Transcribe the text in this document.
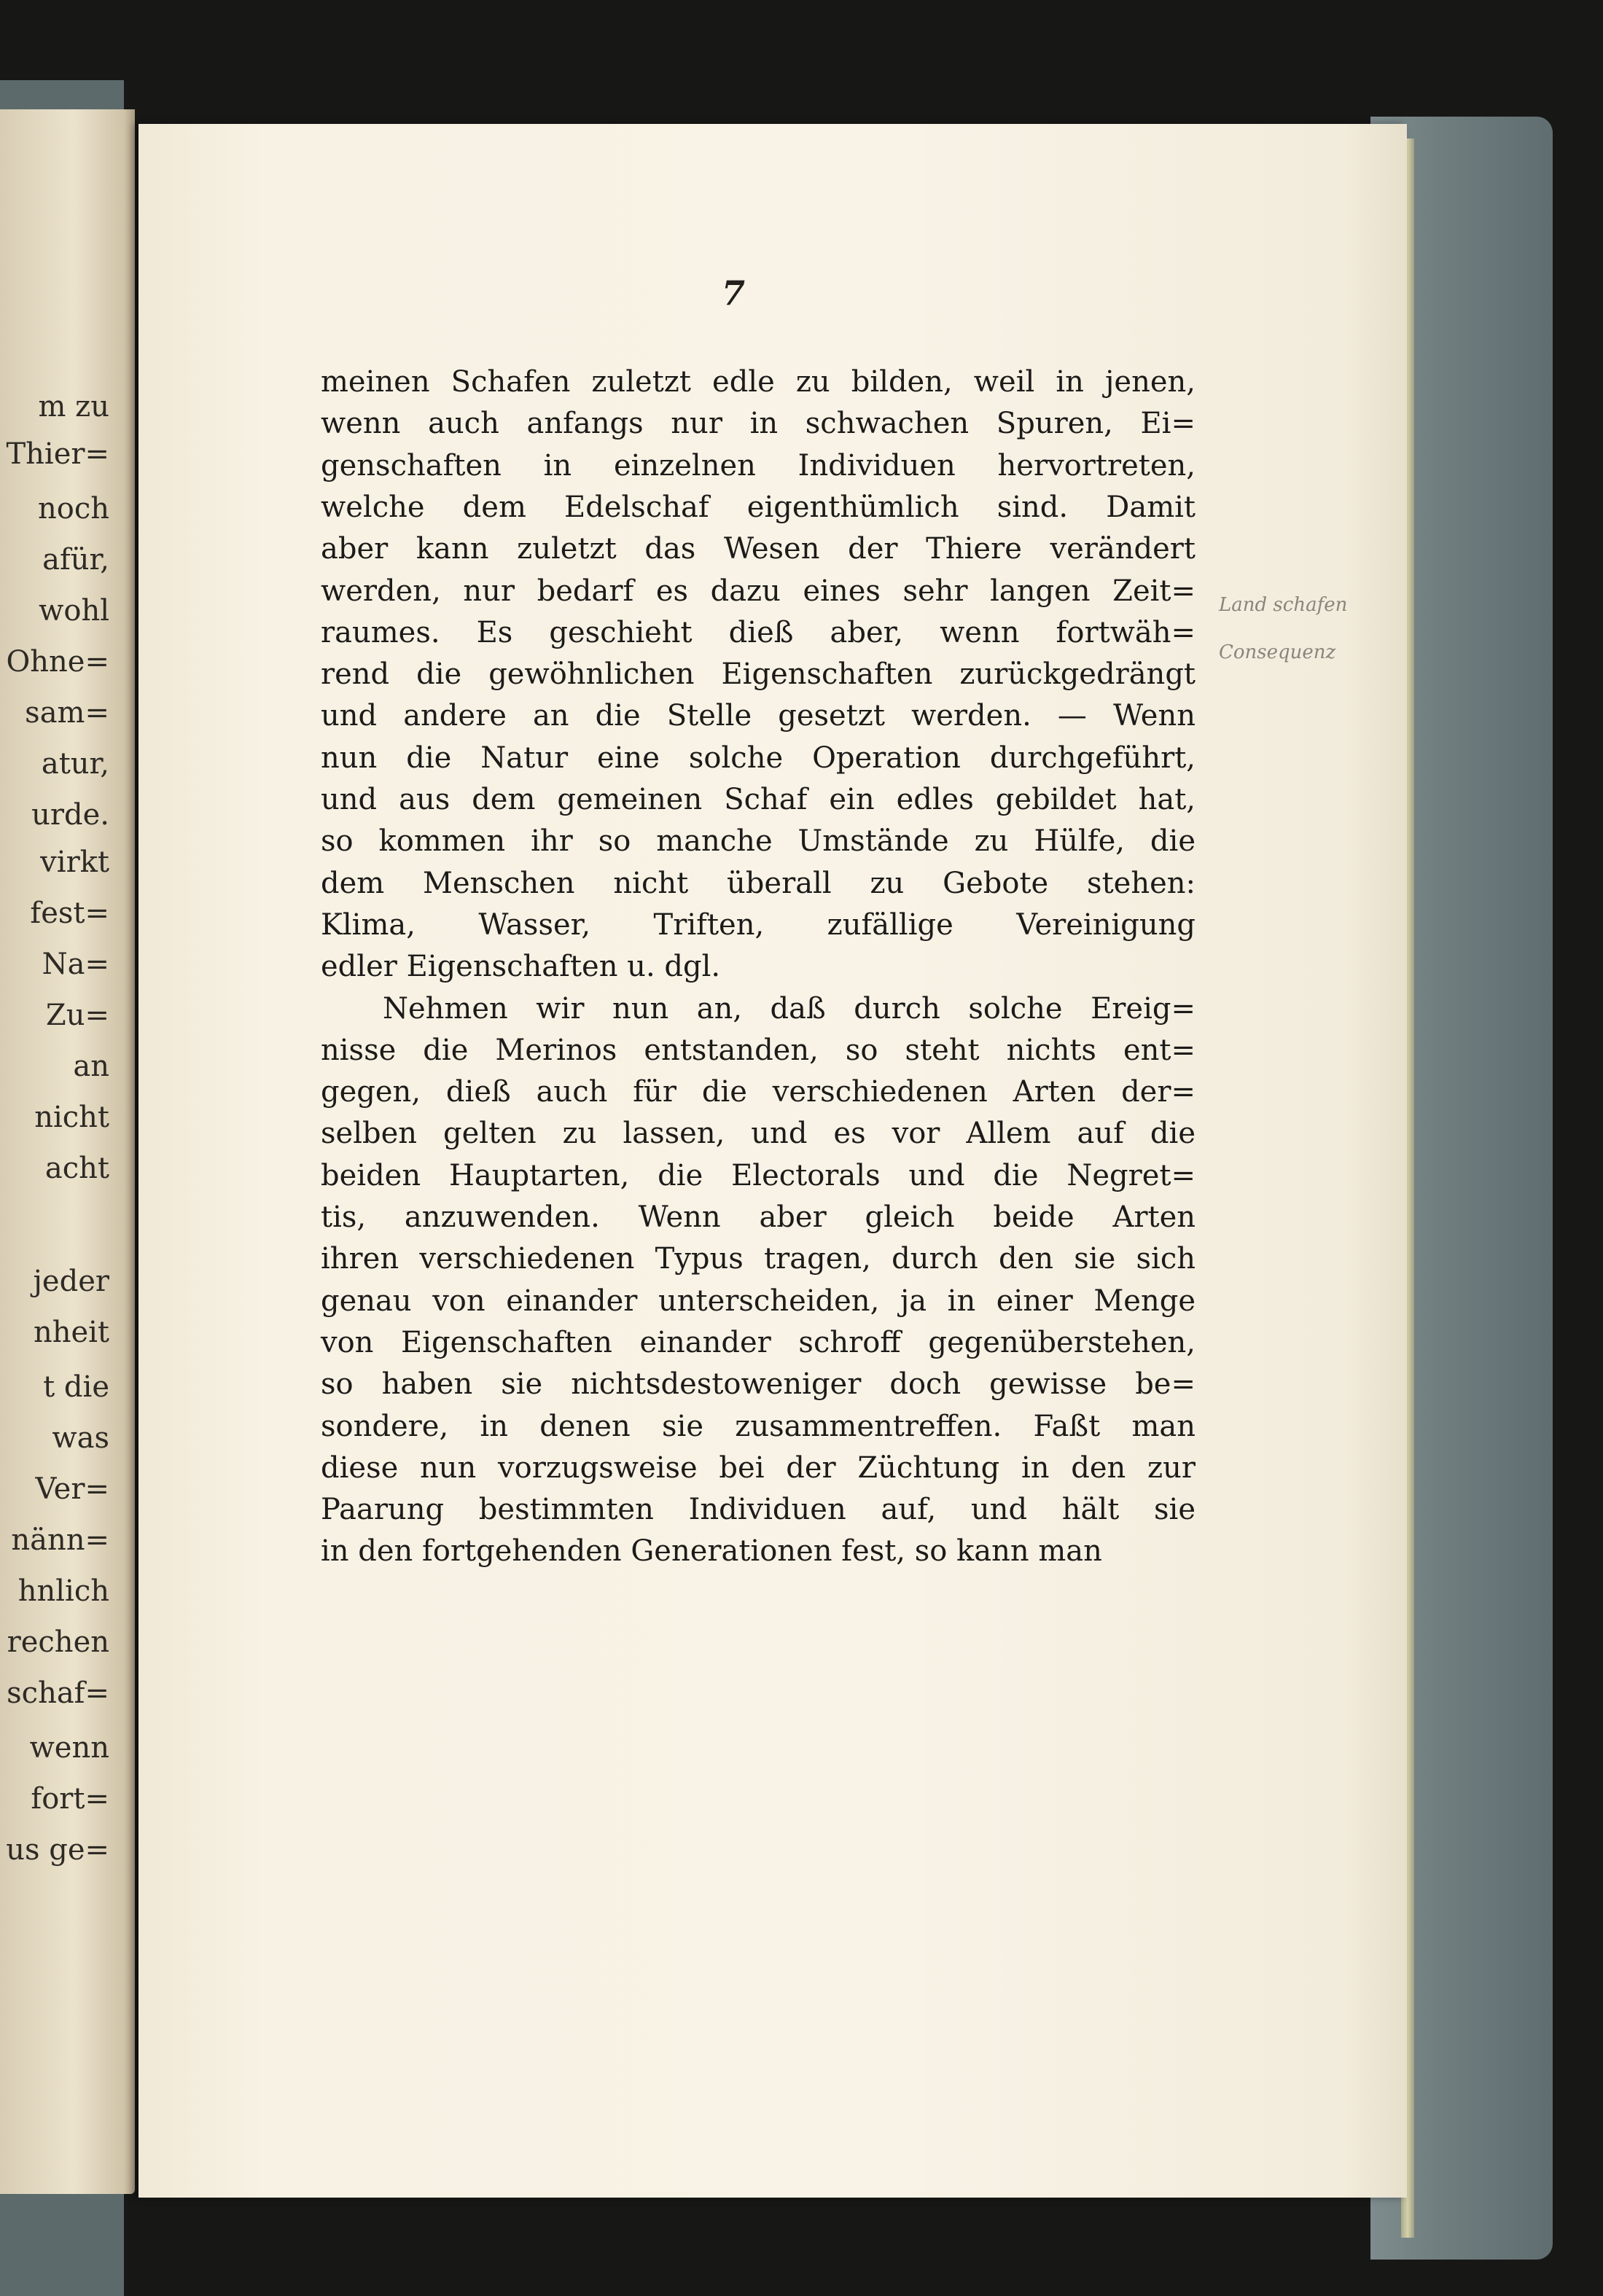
7
meinen Schafen zuletzt edle zu bilden, weil in jenen,
wenn auch anfangs nur in schwachen Spuren, Ei=
genschaften in einzelnen Individuen hervortreten,
welche dem Edelschaf eigenthümlich sind. Damit
aber kann zuletzt das Wesen der Thiere verändert
werden, nur bedarf es dazu eines sehr langen Zeit=
raumes. Es geschieht dieß aber, wenn fortwäh=
rend die gewöhnlichen Eigenschaften zurückgedrängt
und andere an die Stelle gesetzt werden. — Wenn
nun die Natur eine solche Operation durchgeführt,
und aus dem gemeinen Schaf ein edles gebildet hat,
so kommen ihr so manche Umstände zu Hülfe, die
dem Menschen nicht überall zu Gebote stehen:
Klima, Wasser, Triften, zufällige Vereinigung
edler Eigenschaften u. dgl.
Nehmen wir nun an, daß durch solche Ereig=
nisse die Merinos entstanden, so steht nichts ent=
gegen, dieß auch für die verschiedenen Arten der=
selben gelten zu lassen, und es vor Allem auf die
beiden Hauptarten, die Electorals und die Negret=
tis, anzuwenden. Wenn aber gleich beide Arten
ihren verschiedenen Typus tragen, durch den sie sich
genau von einander unterscheiden, ja in einer Menge
von Eigenschaften einander schroff gegenüberstehen,
so haben sie nichtsdestoweniger doch gewisse be=
sondere, in denen sie zusammentreffen. Faßt man
diese nun vorzugsweise bei der Züchtung in den zur
Paarung bestimmten Individuen auf, und hält sie
in den fortgehenden Generationen fest, so kann man
Land schafen
Consequenz
m zu
Thier=
noch
afür,
wohl
Ohne=
sam=
atur,
urde.
virkt
fest=
Na=
Zu=
an
nicht
acht
jeder
nheit
t die
was
Ver=
nänn=
hnlich
rechen
schaf=
wenn
fort=
us ge=
